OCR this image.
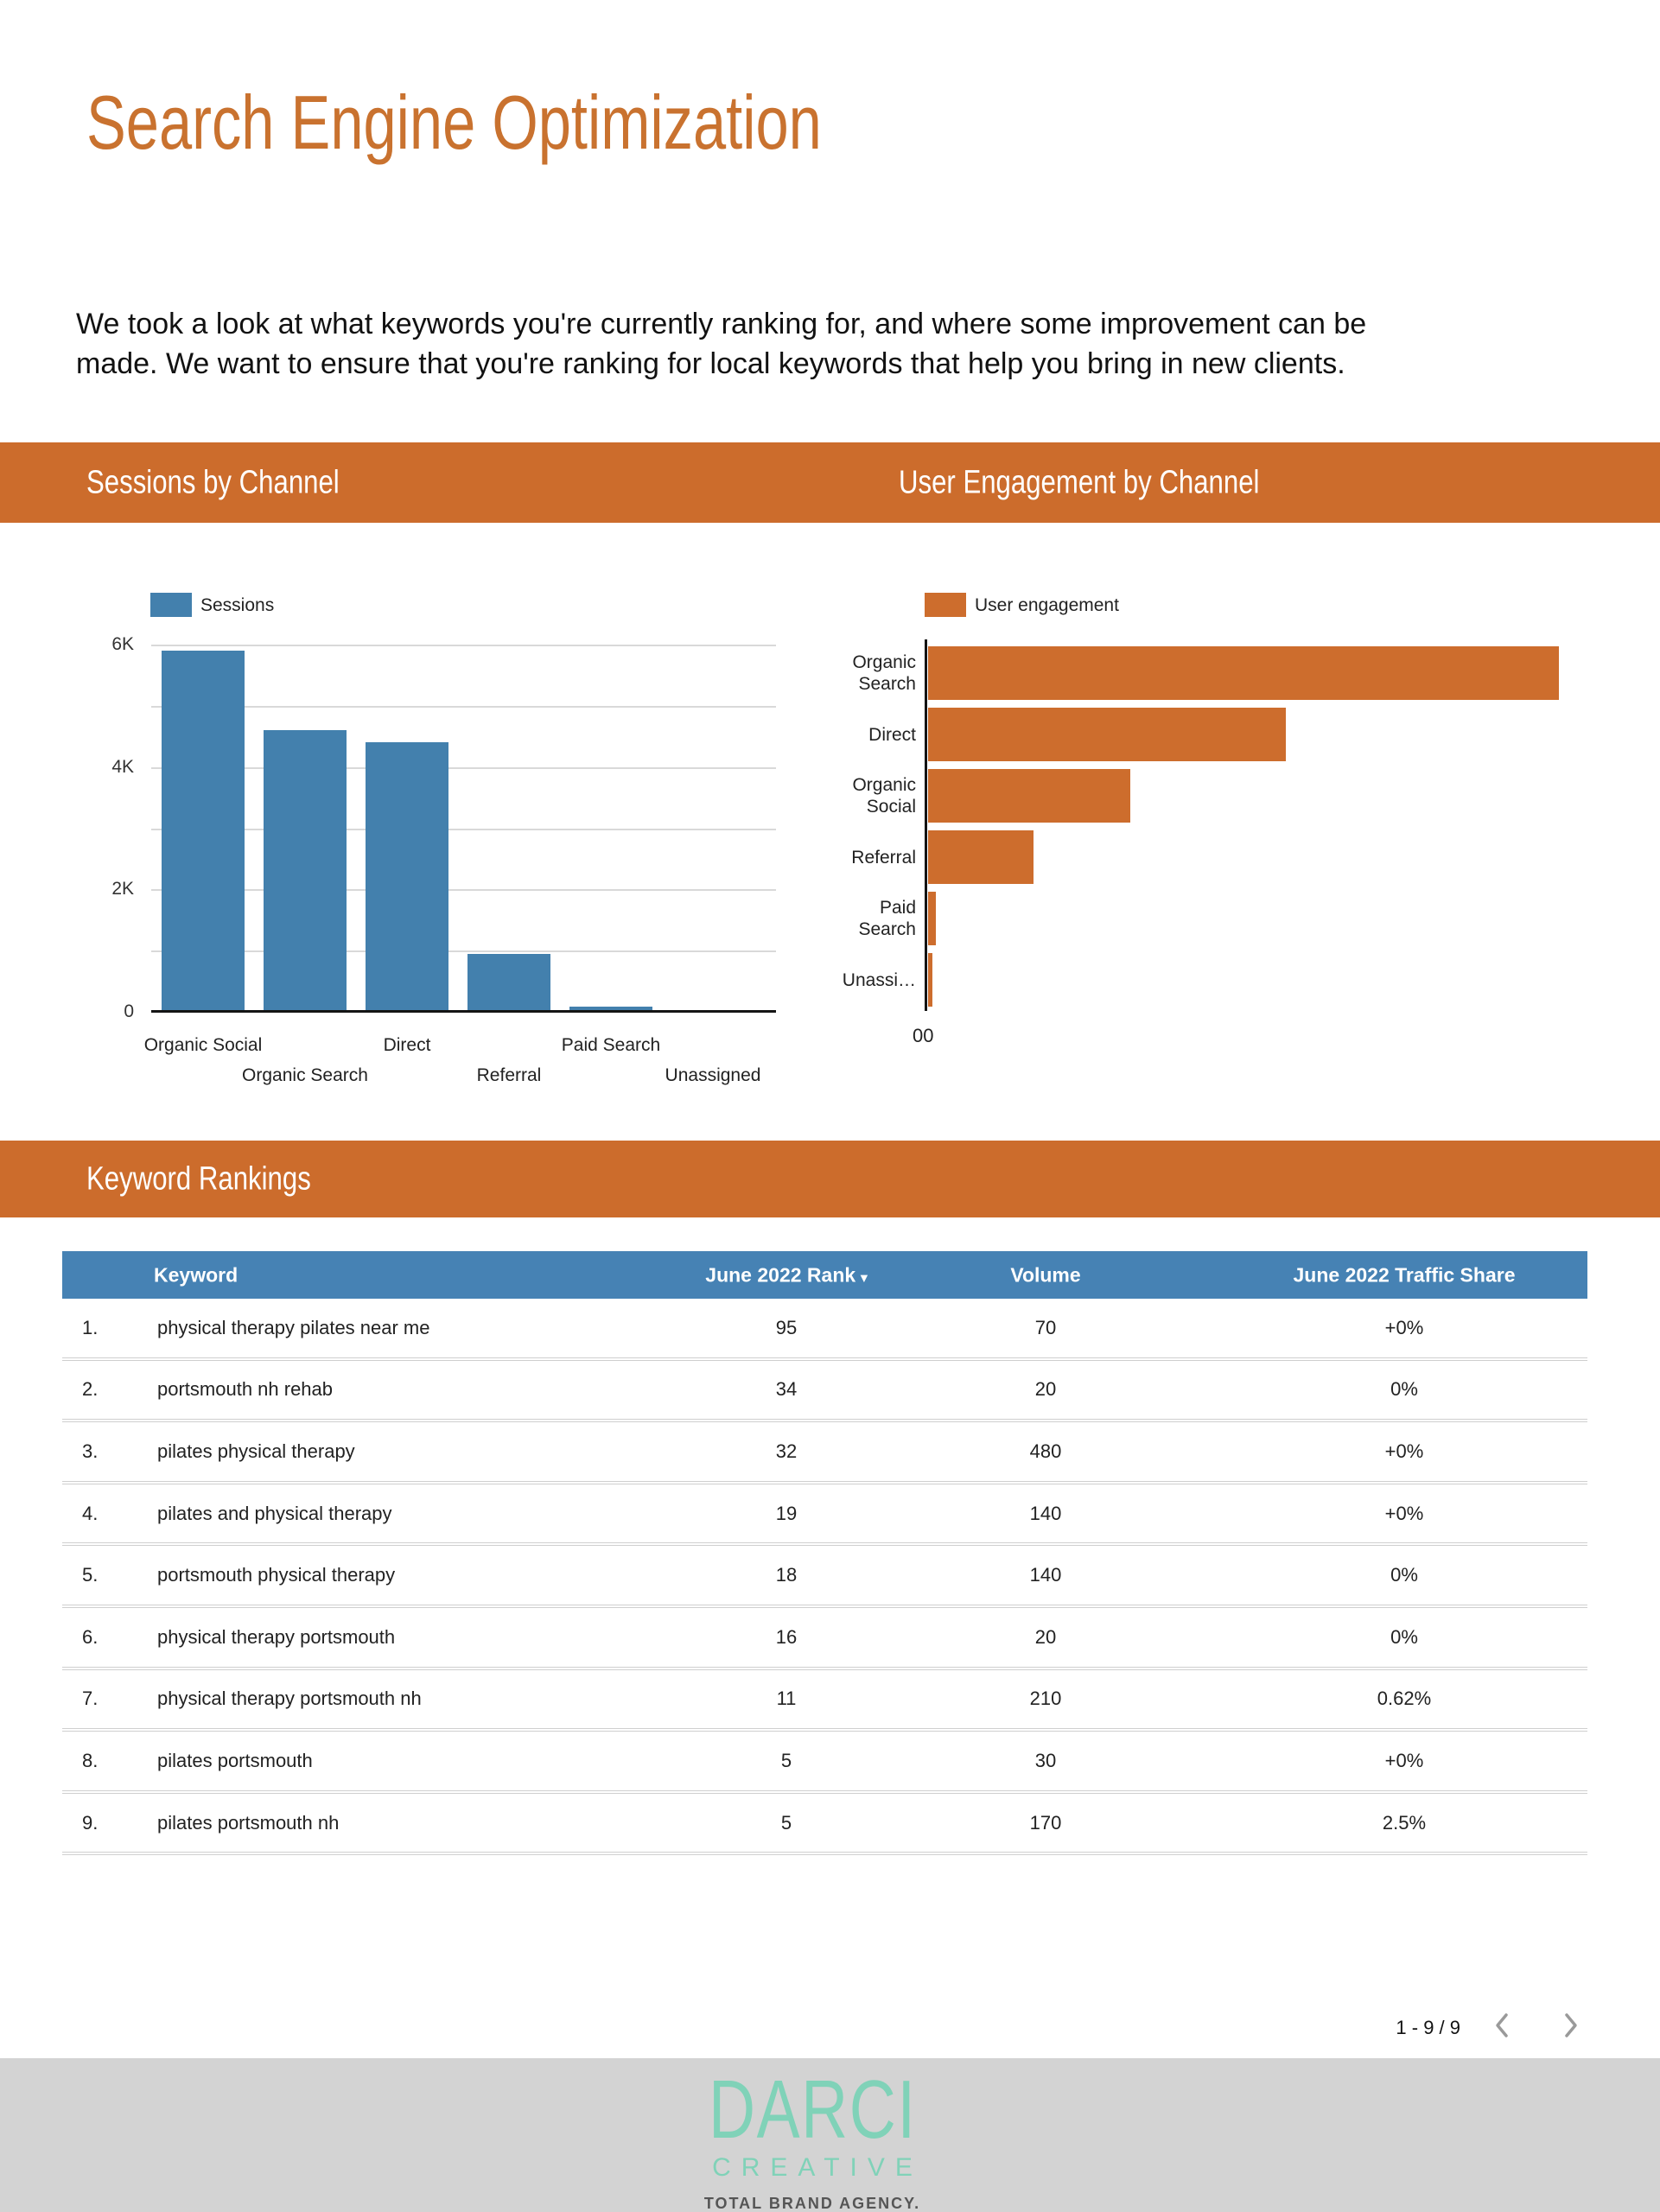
Search Engine Optimization
We took a look at what keywords you're currently ranking for, and where some improvement can be
made. We want to ensure that you're ranking for local keywords that help you bring in new clients.
Sessions by Channel	User Engagement by Channel
Sessions
6K
4K
2K
0
Organic Social
Organic Search
Direct
Referral
Paid Search
Unassigned
User engagement
Organic
Search
Direct
Organic
Social
Referral
Paid
Search
Unassi…
00
Keyword Rankings
Keyword	June 2022 Rank ▾	Volume	June 2022 Traffic Share
1.	physical therapy pilates near me	95	70	+0%
2.	portsmouth nh rehab	34	20	0%
3.	pilates physical therapy	32	480	+0%
4.	pilates and physical therapy	19	140	+0%
5.	portsmouth physical therapy	18	140	0%
6.	physical therapy portsmouth	16	20	0%
7.	physical therapy portsmouth nh	11	210	0.62%
8.	pilates portsmouth	5	30	+0%
9.	pilates portsmouth nh	5	170	2.5%
1 - 9 / 9
DARCI
CREATIVE
TOTAL BRAND AGENCY.
